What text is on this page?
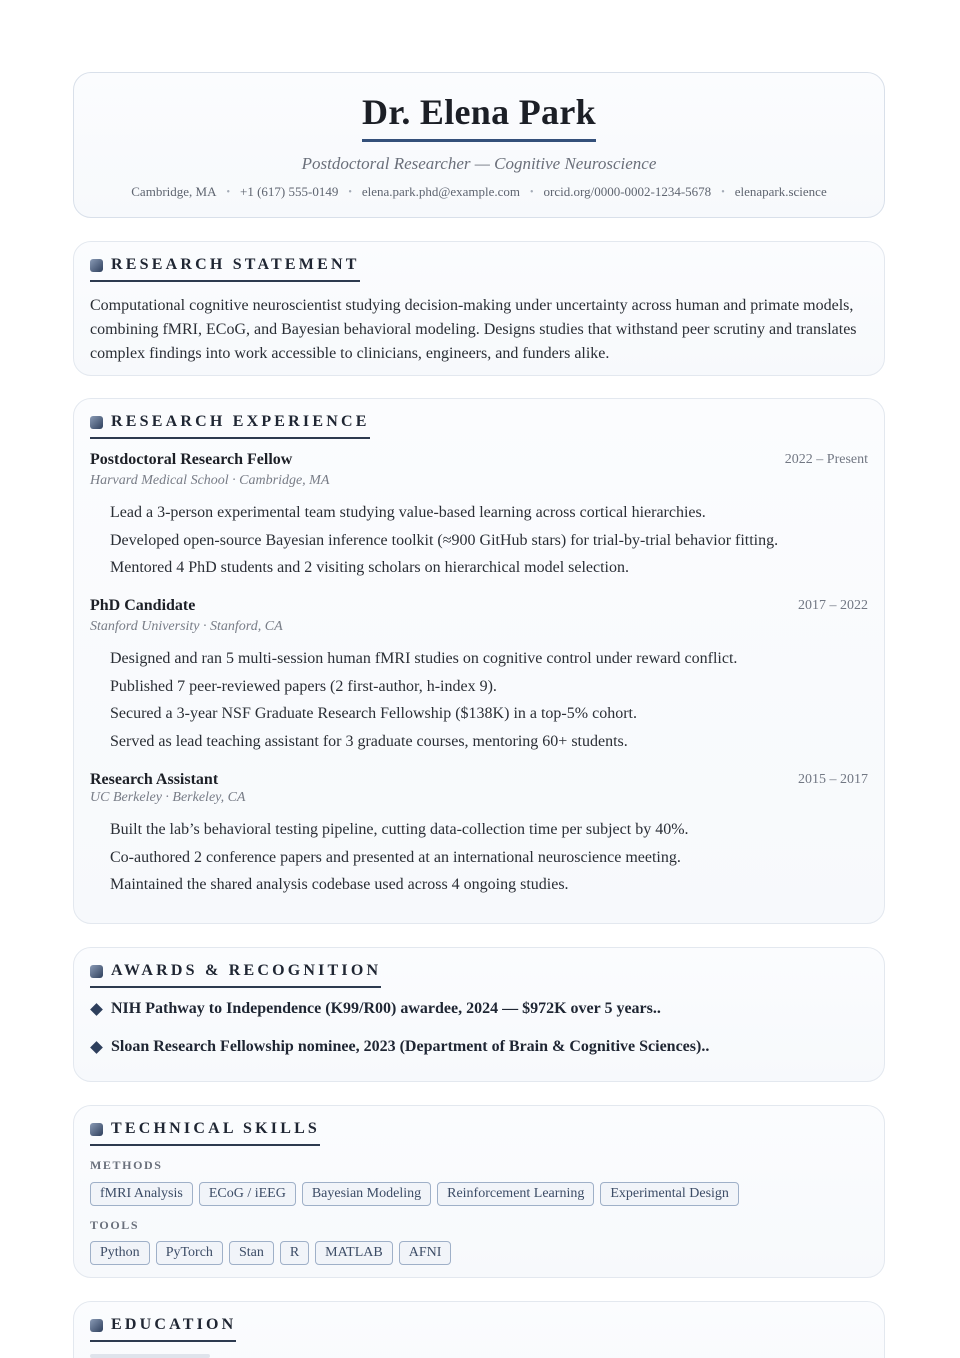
Dr. Elena Park
Postdoctoral Researcher — Cognitive Neuroscience
Cambridge, MA • +1 (617) 555-0149 • elena.park.phd@example.com • orcid.org/0000-0002-1234-5678 • elenapark.science
RESEARCH STATEMENT
Computational cognitive neuroscientist studying decision-making under uncertainty across human and primate models, combining fMRI, ECoG, and Bayesian behavioral modeling. Designs studies that withstand peer scrutiny and translates complex findings into work accessible to clinicians, engineers, and funders alike.
RESEARCH EXPERIENCE
Postdoctoral Research Fellow	2022 – Present
Harvard Medical School · Cambridge, MA
Lead a 3-person experimental team studying value-based learning across cortical hierarchies.
Developed open-source Bayesian inference toolkit (≈900 GitHub stars) for trial-by-trial behavior fitting.
Mentored 4 PhD students and 2 visiting scholars on hierarchical model selection.
PhD Candidate	2017 – 2022
Stanford University · Stanford, CA
Designed and ran 5 multi-session human fMRI studies on cognitive control under reward conflict.
Published 7 peer-reviewed papers (2 first-author, h-index 9).
Secured a 3-year NSF Graduate Research Fellowship ($138K) in a top-5% cohort.
Served as lead teaching assistant for 3 graduate courses, mentoring 60+ students.
Research Assistant	2015 – 2017
UC Berkeley · Berkeley, CA
Built the lab’s behavioral testing pipeline, cutting data-collection time per subject by 40%.
Co-authored 2 conference papers and presented at an international neuroscience meeting.
Maintained the shared analysis codebase used across 4 ongoing studies.
AWARDS & RECOGNITION
NIH Pathway to Independence (K99/R00) awardee, 2024 — $972K over 5 years..
Sloan Research Fellowship nominee, 2023 (Department of Brain & Cognitive Sciences)..
TECHNICAL SKILLS
METHODS
fMRI Analysis	ECoG / iEEG	Bayesian Modeling	Reinforcement Learning	Experimental Design
TOOLS
Python	PyTorch	Stan	R	MATLAB	AFNI
EDUCATION
